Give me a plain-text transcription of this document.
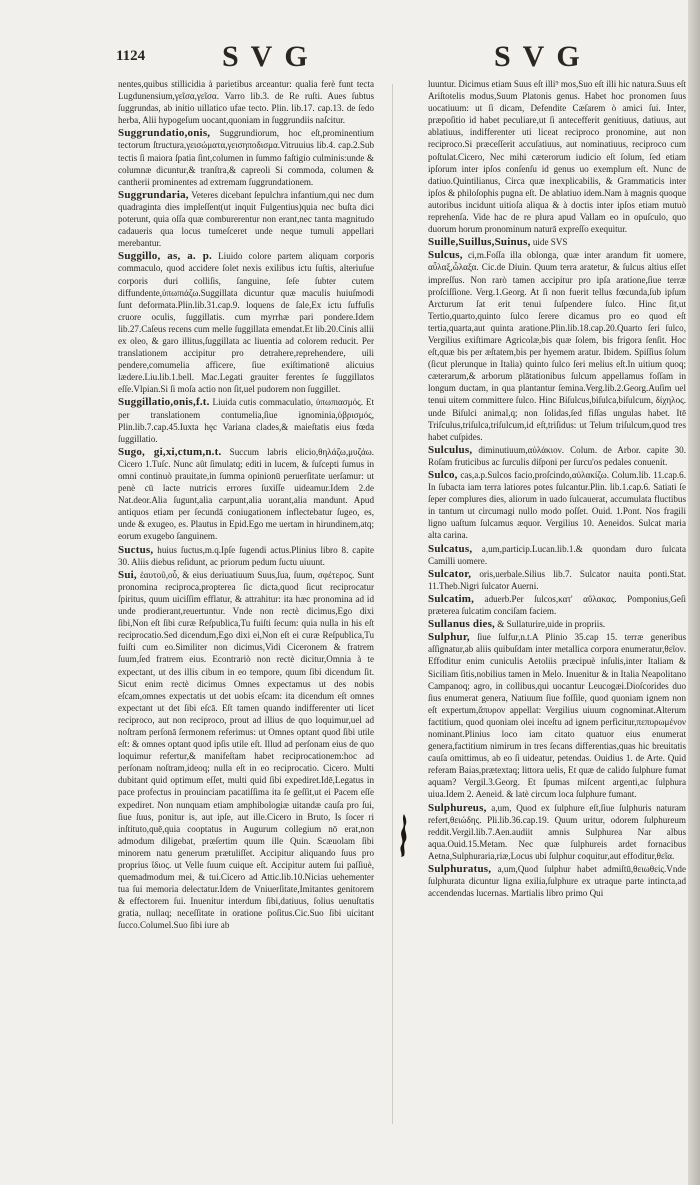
1124	SVG	SVG

nentes,quibus stillicidia à parietibus arceantur: qualia ferè funt tecta Lugdunensium,γεῖσα,γεῖσα. Varro lib.3. de Re ruſti. Aues ſubtus ſuggrundas, ab initio uillatico ufae tecto. Plin. lib.17. cap.13. de ſedo herba, Alii hypogeſum uocant,quoniam in ſuggrundiis naſcitur.

Suggrundatio,onis, Suggrundiorum, hoc eſt,prominentium tectorum ſtructura,γεισώματα,γεισηποδισμα.Vitruuius lib.4. cap.2.Sub tectis ſi maiora ſpatia ſint,columen in ſummo faſtigio culminis:unde & columnæ dicuntur,& tranſtra,& capreoli Si commoda, columen & cantherii prominentes ad extremam ſuggrundationem.

Suggrundaria, Veteres dicebant ſepulchra infantium,qui nec dum quadraginta dies impleſſent(ut inquit Fulgentius)quia nec buſta dici poterunt, quia oſſa quæ comburerentur non erant,nec tanta magnitudo cadaueris qua locus tumeſceret unde neque tumuli appellari merebantur.

Suggillo, as, a. p. Liuido colore partem aliquam corporis commaculo, quod accidere ſolet nexis exilibus ictu ſuſtis, alteriuſue corporis duri colliſis, ſanguine, ſeſe ſubter cutem diffundente,ὑπωπιάζω.Suggillata dicuntur quæ maculis huiuſmodi ſunt deformata.Plin.lib.31.cap.9. loquens de ſale,Ex ictu ſuffuſis cruore oculis, ſuggillatis. cum myrrhæ pari pondere.Idem lib.27.Caſeus recens cum melle ſuggillata emendat.Et lib.20.Cinis allii ex oleo, & garo illitus,ſuggillata ac liuentia ad colorem reducit. Per translationem accipitur pro detrahere,reprehendere, uili pendere,comumelia afficere, ſiue exiſtimationē alicuius lædere.Liu.lib.1.bell. Mac.Legati grauiter ferentes ſe ſuggillatos eſſe.Vlpian.Si ſi moſa actio non ſit,uel pudorem non ſuggillet.

Suggillatio,onis,f.t. Liuida cutis commaculatio, ὑπωπιασμός. Et per translationem contumelia,ſiue ignominia,ὑβρισμός, Plin.lib.7.cap.45.Iuxta hęc Variana clades,& maieſtatis eius fœda ſuggillatio.

Sugo, gi,xi,ctum,n.t. Succum labris elicio,θηλάζω,μυζάω. Cicero 1.Tuſc. Nunc aût ſimulatq; editi in lucem, & ſuſcepti ſumus in omni continuò prauitate,in ſumma opinionū peruerſitate uerſamur: ut penè cū lacte nutricis errores ſuxiſſe uideamur.Idem 2.de Nat.deor.Alia ſugunt,alia carpunt,alia uorant,alia mandunt. Apud antiquos etiam per ſecundā coniugationem inflectebatur ſugeo, es, unde & exugeo, es. Plautus in Epid.Ego me uertam in hirundinem,atq; eorum exugebo ſanguinem.

Suctus, huius ſuctus,m.q.Ipſe ſugendi actus.Plinius libro 8. capite 30. Aliis diebus reſidunt, ac priorum pedum ſuctu uiuunt.

Sui, ἑαυτοῦ,οὗ, & eius deriuatiuum Suus,ſua, ſuum, σφέτερος. Sunt pronomina reciproca,propterea ſic dicta,quod ſicut reciprocatur ſpiritus, quum uiciſſim efflatur, & attrahitur: ita hæc pronomina ad id unde prodierant,reuertuntur. Vnde non rectè dicimus,Ego dixi ſibi,Non eſt ſibi curæ Reſpublica,Tu fuiſti ſecum: quia nulla in his eſt reciprocatio.Sed dicendum,Ego dixi ei,Non eſt ei curæ Reſpublica,Tu fuiſti cum eo.Similiter non dicimus,Vidi Ciceronem & fratrem ſuum,ſed fratrem eius. Econtrariò non rectè dicitur,Omnia à te expectant, ut des illis cibum in eo tempore, quum ſibi dicendum ſit. Sicut enim rectè dicimus Omnes expectamus ut des nobis eſcam,omnes expectatis ut det uobis eſcam: ita dicendum eſt omnes expectant ut det ſibi eſcā. Eſt tamen quando indifferenter uti licet reciproco, aut non reciproco, prout ad illius de quo loquimur,uel ad noſtram perſonā ſermonem referimus: ut Omnes optant quod ſibi utile eſt: & omnes optant quod ipſis utile eſt. Illud ad perſonam eius de quo loquimur refertur,& manifeſtam habet reciprocationem:hoc ad perſonam noſtram,ideoq; nulla eſt in eo reciprocatio. Cicero. Multi dubitant quid optimum eſſet, multi quid ſibi expediret.Idē,Legatus in pace profectus in prouinciam pacatiſſima ita ſe geſſit,ut ei Pacem eſſe expediret. Non nunquam etiam amphibologiæ uitandæ cauſa pro ſui, ſiue ſuus, ponitur is, aut ipſe, aut ille.Cicero in Bruto, Is ſocer ri inſtituto,quē,quia cooptatus in Augurum collegium nō erat,non admodum diligebat, præſertim quum ille Quin. Scæuolam ſibi minorem natu generum prætuliſſet. Accipitur aliquando ſuus pro proprius ἴδιος. ut Velle ſuum cuique eſt. Accipitur autem ſui paſſiuè, quemadmodum mei, & tui.Cicero ad Attic.lib.10.Nicias uehementer tua ſui memoria delectatur.Idem de Vniuerſitate,Imitantes genitorem & effectorem ſui. Inuenitur interdum ſibi,datiuus, ſolius uenuſtatis gratia, nullaq; neceſſitate in oratione poſitus.Cic.Suo ſibi uicitant ſucco.Columel.Suo ſibi iure ab

luuntur. Dicimus etiam Suus eſt illi⁹ mos,Suo eſt illi hic natura.Suus eſt Ariſtotelis modus,Suum Platonis genus. Habet hoc pronomen ſuus uocatiuum: ut ſi dicam, Defendite Cæſarem ò amici ſui. Inter, præpoſitio id habet peculiare,ut ſi antecefferit genitiuus, datiuus, aut ablatiuus, indifferenter uti liceat reciproco pronomine, aut non reciproco.Si præceſſerit accuſatiuus, aut nominatiuus, reciproco cum poſtulat.Cicero, Nec mihi cæterorum iudicio eſt ſolum, ſed etiam ipſorum inter ipſos conſenſu id genus uo exemplum eſt. Nunc de datiuo.Quintilianus, Circa quæ inexplicabilis, & Grammaticis inter ipſos & philoſophis pugna eſt. De ablatiuo idem.Nam à magnis quoque autoribus incidunt uitioſa aliqua & à doctis inter ipſos etiam mutuò reprehenſa. Vide hac de re plura apud Vallam eo in opuſculo, quo duorum horum pronominum naturā expreſſo exequitur.

Suille,Suillus,Suinus, uide SVS

Sulcus, ci,m.Foſſa illa oblonga, quæ inter arandum fit uomere, αὖλαξ,ὦλαξα. Cic.de Diuin. Quum terra aratetur, & ſulcus altius eſſet impreſſus. Non rarò tamen accipitur pro ipſa aratione,ſiue terræ proſciſſione. Verg.1.Georg. At ſi non fuerit tellus fœcunda,ſub ipſum Arcturum ſat erit tenui ſuſpendere ſulco. Hinc ſit,ut Tertio,quarto,quinto ſulco ſerere dicamus pro eo quod eſt tertia,quarta,aut quinta aratione.Plin.lib.18.cap.20.Quarto ſeri ſulco, Vergilius exiſtimare Agricolæ,bis quæ ſolem, bis frigora ſenſit. Hoc eſt,quæ bis per æſtatem,bis per hyemem aratur. Ibidem. Spiſſius ſolum (ſicut plerunque in Italia) quinto ſulco ſeri melius eſt.In uitium quoq; cæterarum,& arborum plātationibus ſulcum appellamus foſſam in longum ductam, in qua plantantur ſemina.Verg.lib.2.Georg.Auſim uel tenui uitem committere ſulco. Hinc Biſulcus,biſulca,biſulcum, δίχηλος. unde Biſulci animal,q; non ſolidas,ſed fiſſas ungulas habet. Itē Triſculus,triſulca,triſulcum,id eſt,triſidus: ut Telum triſulcum,quod tres habet cuſpides.

Sulculus, diminutiuum,αὐλάκιον. Colum. de Arbor. capite 30. Roſam fruticibus ac ſurculis diſponi per ſurcu'os pedales conuenit.

Sulco, cas,a.p.Sulcos facio,proſcindo,αὐλακίζω. Colum.lib. 11.cap.6. In ſubacta iam terra latiores potes ſulcantur.Plin. lib.1.cap.6. Satiati ſe ſeper complures dies, aliorum in uado ſulcauerat, accumulata fluctibus in tantum ut circumagi nullo modo poſſet. Ouid. 1.Pont. Nos fragili ligno uaſtum ſulcamus æquor. Vergilius 10. Aeneidos. Sulcat maria alta carina.

Sulcatus, a,um,particip.Lucan.lib.1.& quondam duro ſulcata Camilli uomere.

Sulcator, oris,uerbale.Silius lib.7. Sulcator nauita ponti.Stat. 11.Theb.Nigri ſulcator Auerni.

Sulcatim, aduerb.Per ſulcos,κατ' αὔλακας. Pomponius,Geſi præterea ſulcatim conciſam faciem.

Sullanus dies, & Sullaturire,uide in propriis.

Sulphur, ſiue ſulfur,n.t.A Plinio 35.cap 15. terræ generibus aſſignatur,ab aliis quibuſdam inter metallica corpora enumeratur,θεῖον. Effoditur enim cuniculis Aetoliis præcipuè inſulis,inter Italiam & Siciliam ſitis,nobilius tamen in Melo. Inuenitur & in Italia Neapolitano Campanoq; agro, in collibus,qui uocantur Leucogæi.Dioſcorides duo ſius enumerat genera, Natiuum ſiue foſſile, quod quoniam ignem non eſt expertum,ἄπυρον appellat: Vergilius uiuum cognominat.Alterum factitium, quod quoniam olei inceſtu ad ignem perficitur,πεπυρωμένον nominant.Plinius loco iam citato quatuor eius enumerat genera,factitium nimirum in tres ſecans differentias,quas hic breuitatis cauſa omittimus, ab eo ſi uideatur, petendas. Ouidius 1. de Arte. Quid referam Baias,prætextaq; littora uelis, Et quæ de calido ſulphure fumat aquam? Vergil.3.Georg. Et ſpumas miſcent argenti,ac ſulphura uiua.Idem 2. Aeneid. & latè circum loca ſulphure fumant.

Sulphureus, a,um, Quod ex ſulphure eſt,ſiue ſulphuris naturam refert,θειώδης. Pli.lib.36.cap.19. Quum uritur, odorem ſulphureum reddit.Vergil.lib.7.Aen.audiit amnis Sulphurea Nar albus aqua.Ouid.15.Metam. Nec quæ ſulphureis ardet fornacibus Aetna,Sulphuraria,riæ,Locus ubi ſulphur coquitur,aut effoditur,θεῖα.

Sulphuratus, a,um,Quod ſulphur habet admiſtū,θειωθείς.Vnde ſulphurata dicuntur ligna exilia,ſulphure ex utraque parte intincta,ad accendendas lucernas. Martialis libro primo Qui
